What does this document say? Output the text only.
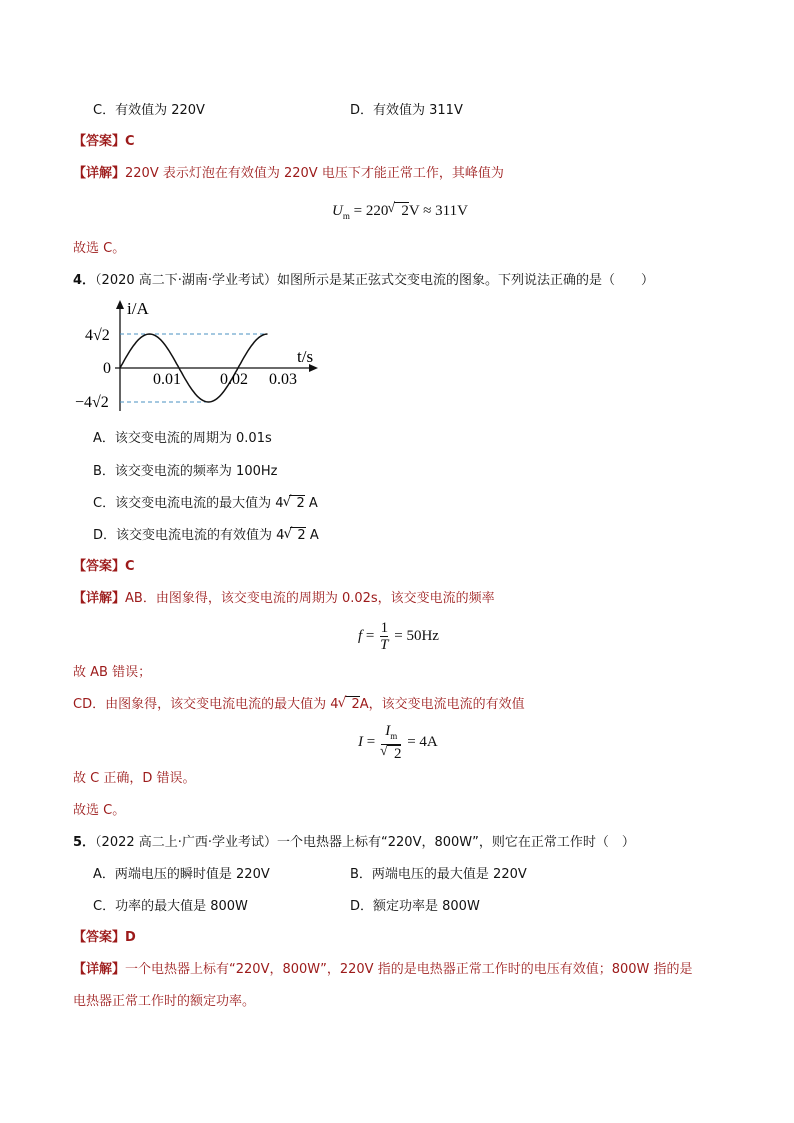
C．有效值为 220V	D．有效值为 311V
【答案】C
【详解】220V 表示灯泡在有效值为 220V 电压下才能正常工作，其峰值为
$U_m = 220√$ 2V ≈ 311V
故选 C。
4．（2020 高二下·湖南·学业考试）如图所示是某正弦式交变电流的图象。下列说法正确的是（　　）
i/A
t/s
4√2
0
−4√2
0.01 0.02 0.03
A．该交变电流的周期为 0.01s
B．该交变电流的频率为 100Hz
C．该交变电流电流的最大值为 4√ 2 A
D．该交变电流电流的有效值为 4√ 2 A
【答案】C
【详解】AB．由图象得，该交变电流的周期为 0.02s，该交变电流的频率
$f = \frac{1}{T} = 50Hz$
故 AB 错误；
CD．由图象得，该交变电流电流的最大值为 4√ 2A，该交变电流电流的有效值
$I = I_m$
√ 2 = 4A
故 C 正确，D 错误。
故选 C。
5．（2022 高二上·广西·学业考试）一个电热器上标有“220V，800W”，则它在正常工作时（　）
A．两端电压的瞬时值是 220V	B．两端电压的最大值是 220V
C．功率的最大值是 800W	D．额定功率是 800W
【答案】D
【详解】一个电热器上标有“220V，800W”，220V 指的是电热器正常工作时的电压有效值；800W 指的是
电热器正常工作时的额定功率。
